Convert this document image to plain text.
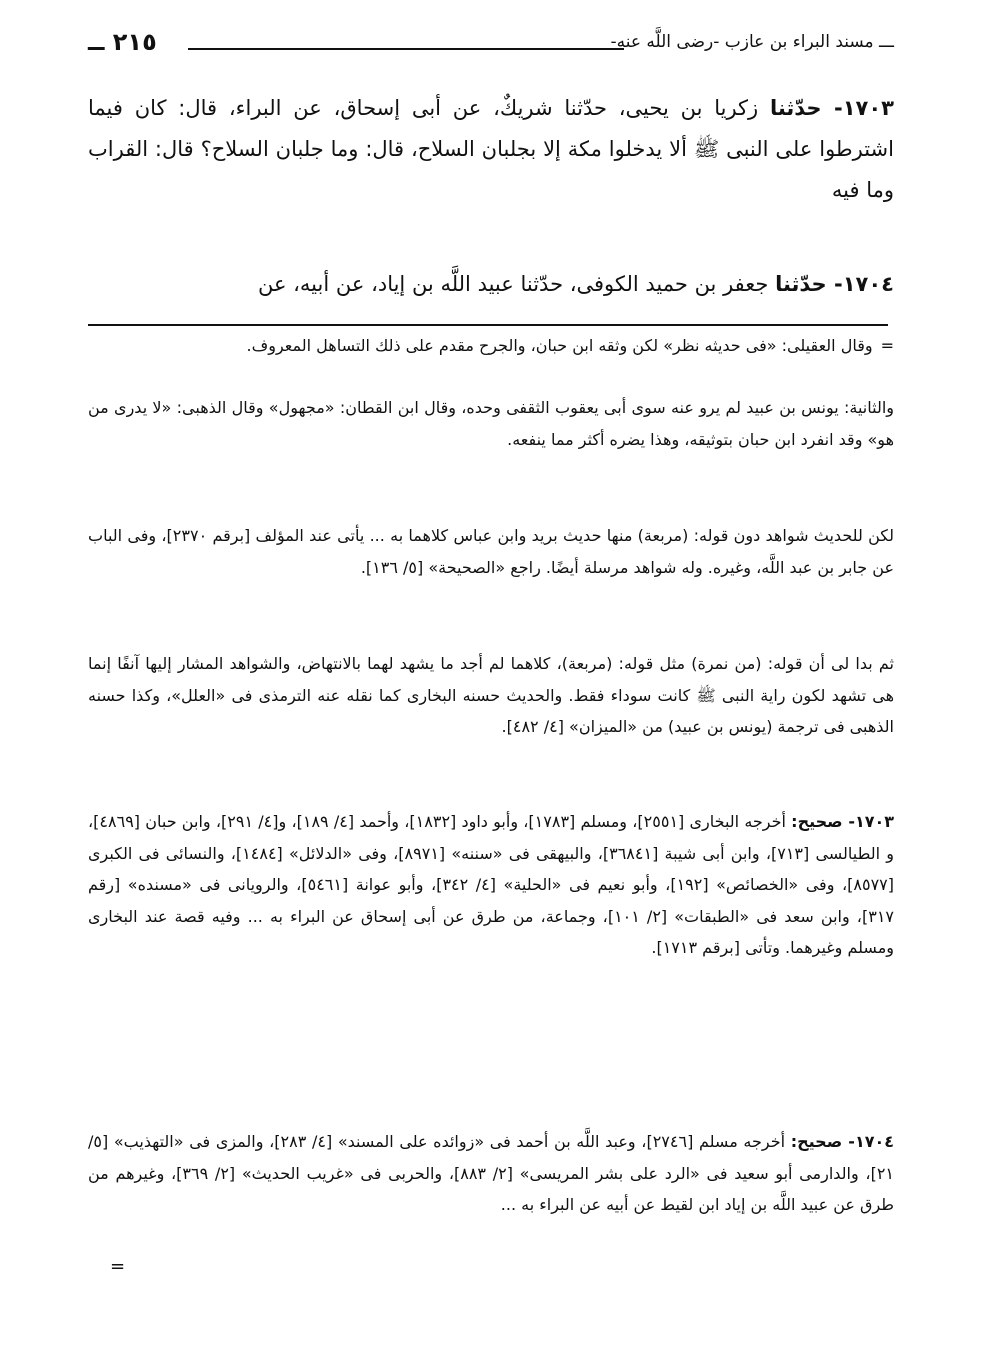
ـــ مسند البراء بن عازب -رضى اللَّه عنه-
٢١٥ ــ

١٧٠٣- حدّثنا زكريا بن يحيى، حدّثنا شريكٌ، عن أبى إسحاق، عن البراء، قال: كان فيما اشترطوا على النبى ﷺ ألا يدخلوا مكة إلا بجلبان السلاح، قال: وما جلبان السلاح؟ قال: القراب وما فيه

١٧٠٤- حدّثنا جعفر بن حميد الكوفى، حدّثنا عبيد اللَّه بن إياد، عن أبيه، عن

=وقال العقيلى: «فى حديثه نظر» لكن وثقه ابن حبان، والجرح مقدم على ذلك التساهل المعروف.

والثانية: يونس بن عبيد لم يرو عنه سوى أبى يعقوب الثقفى وحده، وقال ابن القطان: «مجهول» وقال الذهبى: «لا يدرى من هو» وقد انفرد ابن حبان بتوثيقه، وهذا يضره أكثر مما ينفعه.

لكن للحديث شواهد دون قوله: (مربعة) منها حديث بريد وابن عباس كلاهما به ... يأتى عند المؤلف [برقم ٢٣٧٠]، وفى الباب عن جابر بن عبد اللَّه، وغيره. وله شواهد مرسلة أيضًا. راجع «الصحيحة» [٥/ ١٣٦].

ثم بدا لى أن قوله: (من نمرة) مثل قوله: (مربعة)، كلاهما لم أجد ما يشهد لهما بالانتهاض، والشواهد المشار إليها آنفًا إنما هى تشهد لكون راية النبى ﷺ كانت سوداء فقط. والحديث حسنه البخارى كما نقله عنه الترمذى فى «العلل»، وكذا حسنه الذهبى فى ترجمة (يونس بن عبيد) من «الميزان» [٤/ ٤٨٢].

١٧٠٣- صحيح: أخرجه البخارى [٢٥٥١]، ومسلم [١٧٨٣]، وأبو داود [١٨٣٢]، وأحمد [٤/ ١٨٩]، و[٤/ ٢٩١]، وابن حبان [٤٨٦٩]، و الطيالسى [٧١٣]، وابن أبى شيبة [٣٦٨٤١]، والبيهقى فى «سننه» [٨٩٧١]، وفى «الدلائل» [١٤٨٤]، والنسائى فى الكبرى [٨٥٧٧]، وفى «الخصائص» [١٩٢]، وأبو نعيم فى «الحلية» [٤/ ٣٤٢]، وأبو عوانة [٥٤٦١]، والرويانى فى «مسنده» [رقم ٣١٧]، وابن سعد فى «الطبقات» [٢/ ١٠١]، وجماعة، من طرق عن أبى إسحاق عن البراء به ... وفيه قصة عند البخارى ومسلم وغيرهما. وتأتى [برقم ١٧١٣].

١٧٠٤- صحيح: أخرجه مسلم [٢٧٤٦]، وعبد اللَّه بن أحمد فى «زوائده على المسند» [٤/ ٢٨٣]، والمزى فى «التهذيب» [٥/ ٢١]، والدارمى أبو سعيد فى «الرد على بشر المريسى» [٢/ ٨٨٣]، والحربى فى «غريب الحديث» [٢/ ٣٦٩]، وغيرهم من طرق عن عبيد اللَّه بن إياد ابن لقيط عن أبيه عن البراء به ...

=
